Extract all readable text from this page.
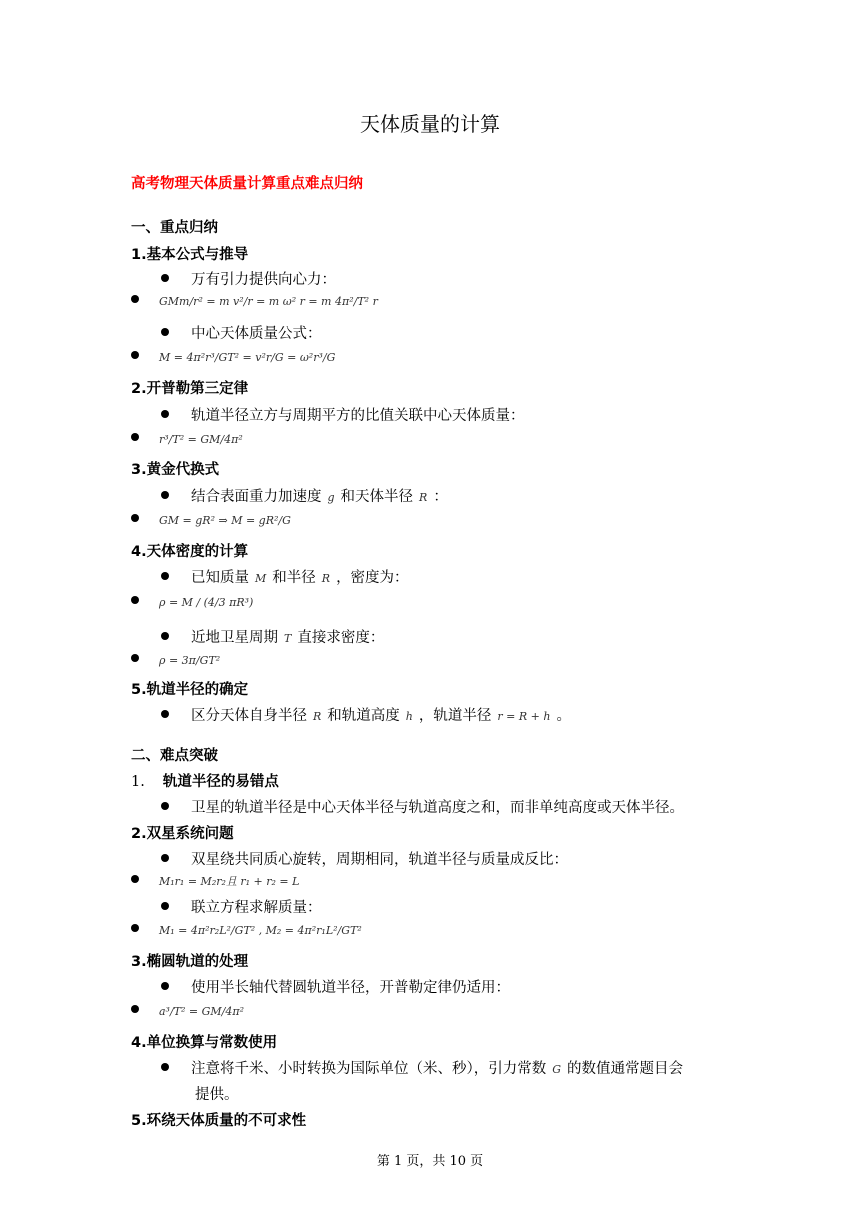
天体质量的计算
高考物理天体质量计算重点难点归纳
一、重点归纳
1.基本公式与推导
万有引力提供向心力：
GMm/r² = m v²/r = m ω² r = m 4π²/T² r
中心天体质量公式：
M = 4π²r³/GT² = v²r/G = ω²r³/G
2.开普勒第三定律
轨道半径立方与周期平方的比值关联中心天体质量：
r³/T² = GM/4π²
3.黄金代换式
结合表面重力加速度 g 和天体半径 R ：
GM = gR² ⇒ M = gR²/G
4.天体密度的计算
已知质量 M 和半径 R ，密度为：
ρ = M / (4/3 πR³)
近地卫星周期 T 直接求密度：
ρ = 3π/GT²
5.轨道半径的确定
区分天体自身半径 R 和轨道高度 h ，轨道半径 r = R + h 。
二、难点突破
1. 轨道半径的易错点
卫星的轨道半径是中心天体半径与轨道高度之和，而非单纯高度或天体半径。
2.双星系统问题
双星绕共同质心旋转，周期相同，轨道半径与质量成反比：
M₁r₁ = M₂r₂且 r₁ + r₂ = L
联立方程求解质量：
M₁ = 4π²r₂L²/GT² , M₂ = 4π²r₁L²/GT²
3.椭圆轨道的处理
使用半长轴代替圆轨道半径，开普勒定律仍适用：
a³/T² = GM/4π²
4.单位换算与常数使用
注意将千米、小时转换为国际单位（米、秒），引力常数 G 的数值通常题目会
提供。
5.环绕天体质量的不可求性
第 1 页，共 10 页
